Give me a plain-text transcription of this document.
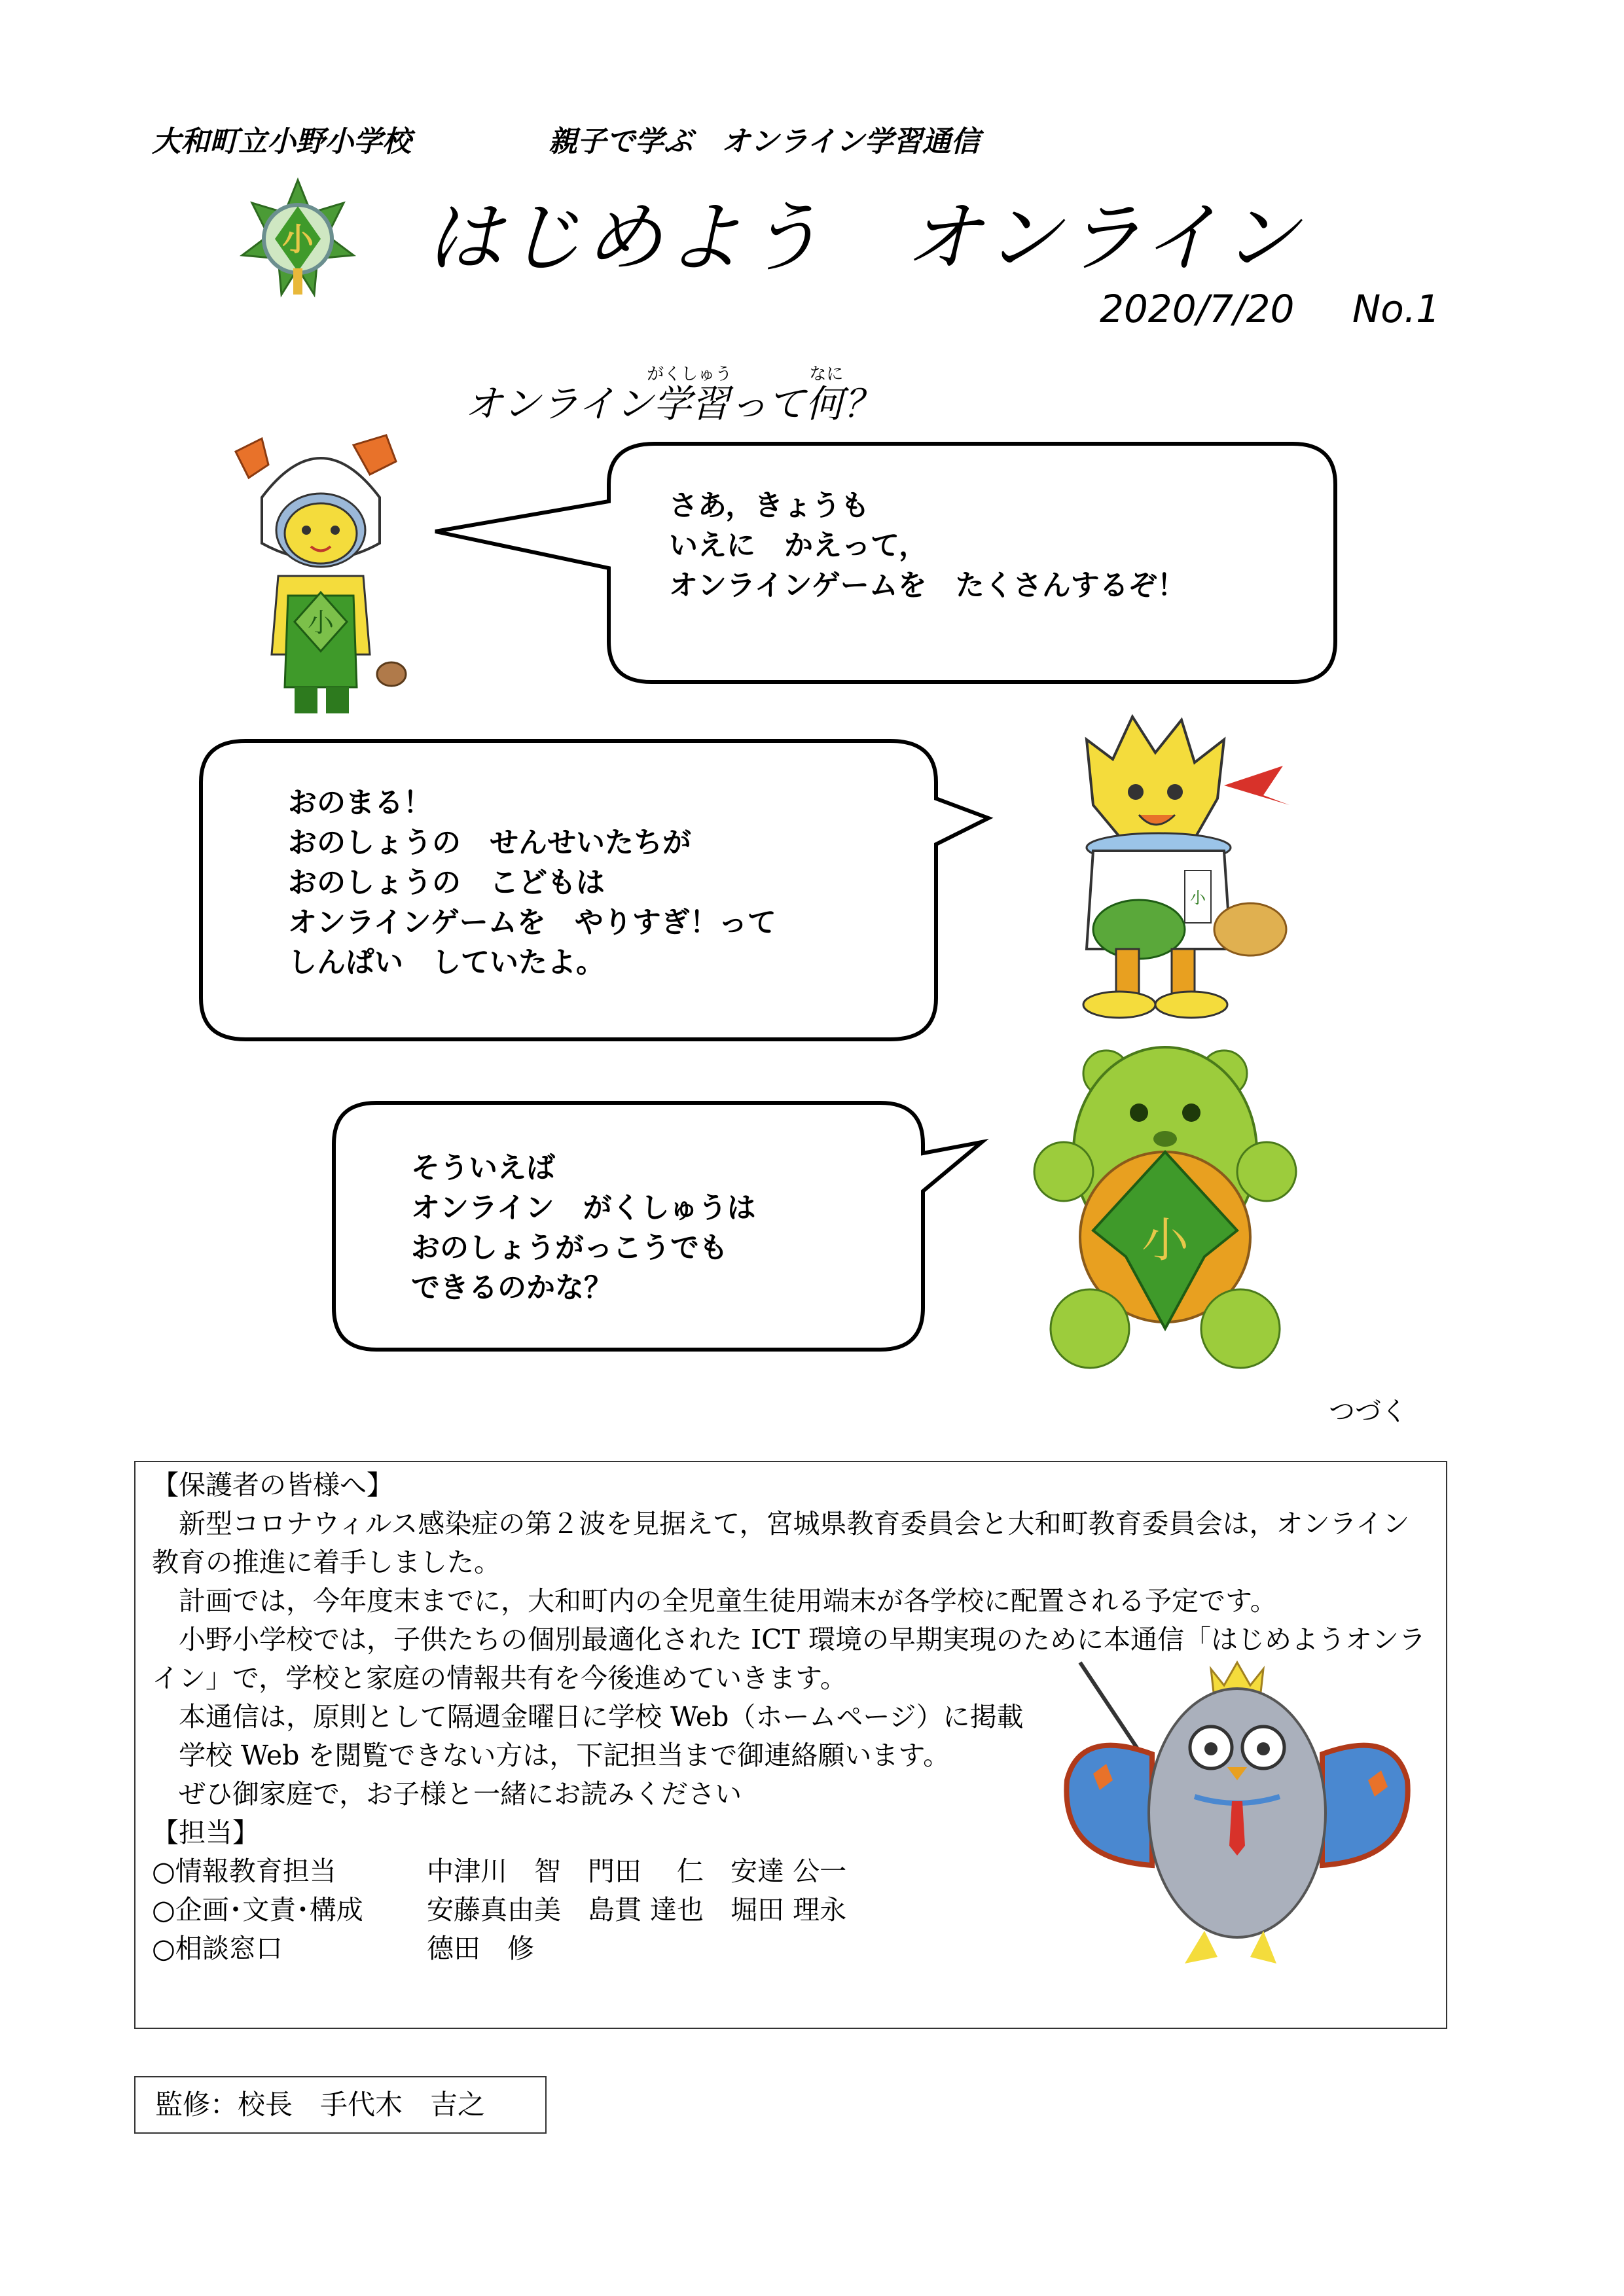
大和町立小野小学校	親子で学ぶ　オンライン学習通信
小 はじめよう　オンライン
2020/7/20 No.1
オンライン学習
がくしゅう
って何
なに
？
さあ，きょうも
いえに　かえって，
オンラインゲームを　たくさんするぞ！
おのまる！
おのしょうの　せんせいたちが
おのしょうの　こどもは
オンラインゲームを　やりすぎ！って
しんぱい　していたよ。
そういえば
オンライン　がくしゅうは
おのしょうがっこうでも
できるのかな？
小
小
小
つづく

【保護者の皆様へ】

新型コロナウィルス感染症の第２波を見据えて，宮城県教育委員会と大和町教育委員会は，オンライン教育の推進に着手しました。

計画では，今年度末までに，大和町内の全児童生徒用端末が各学校に配置される予定です。

小野小学校では，子供たちの個別最適化された ICT 環境の早期実現のために本通信「はじめようオンライン」で，学校と家庭の情報共有を今後進めていきます。

本通信は，原則として隔週金曜日に学校 Web（ホームページ）に掲載

学校 Web を閲覧できない方は，下記担当まで御連絡願います。

ぜひ御家庭で，お子様と一緒にお読みください

【担当】

○情報教育担当	中津川　智　門田　 仁　安達 公一
○企画･文責･構成	安藤真由美　島貫 達也　堀田 理永
○相談窓口	德田　修
監修：校長　手代木　吉之
